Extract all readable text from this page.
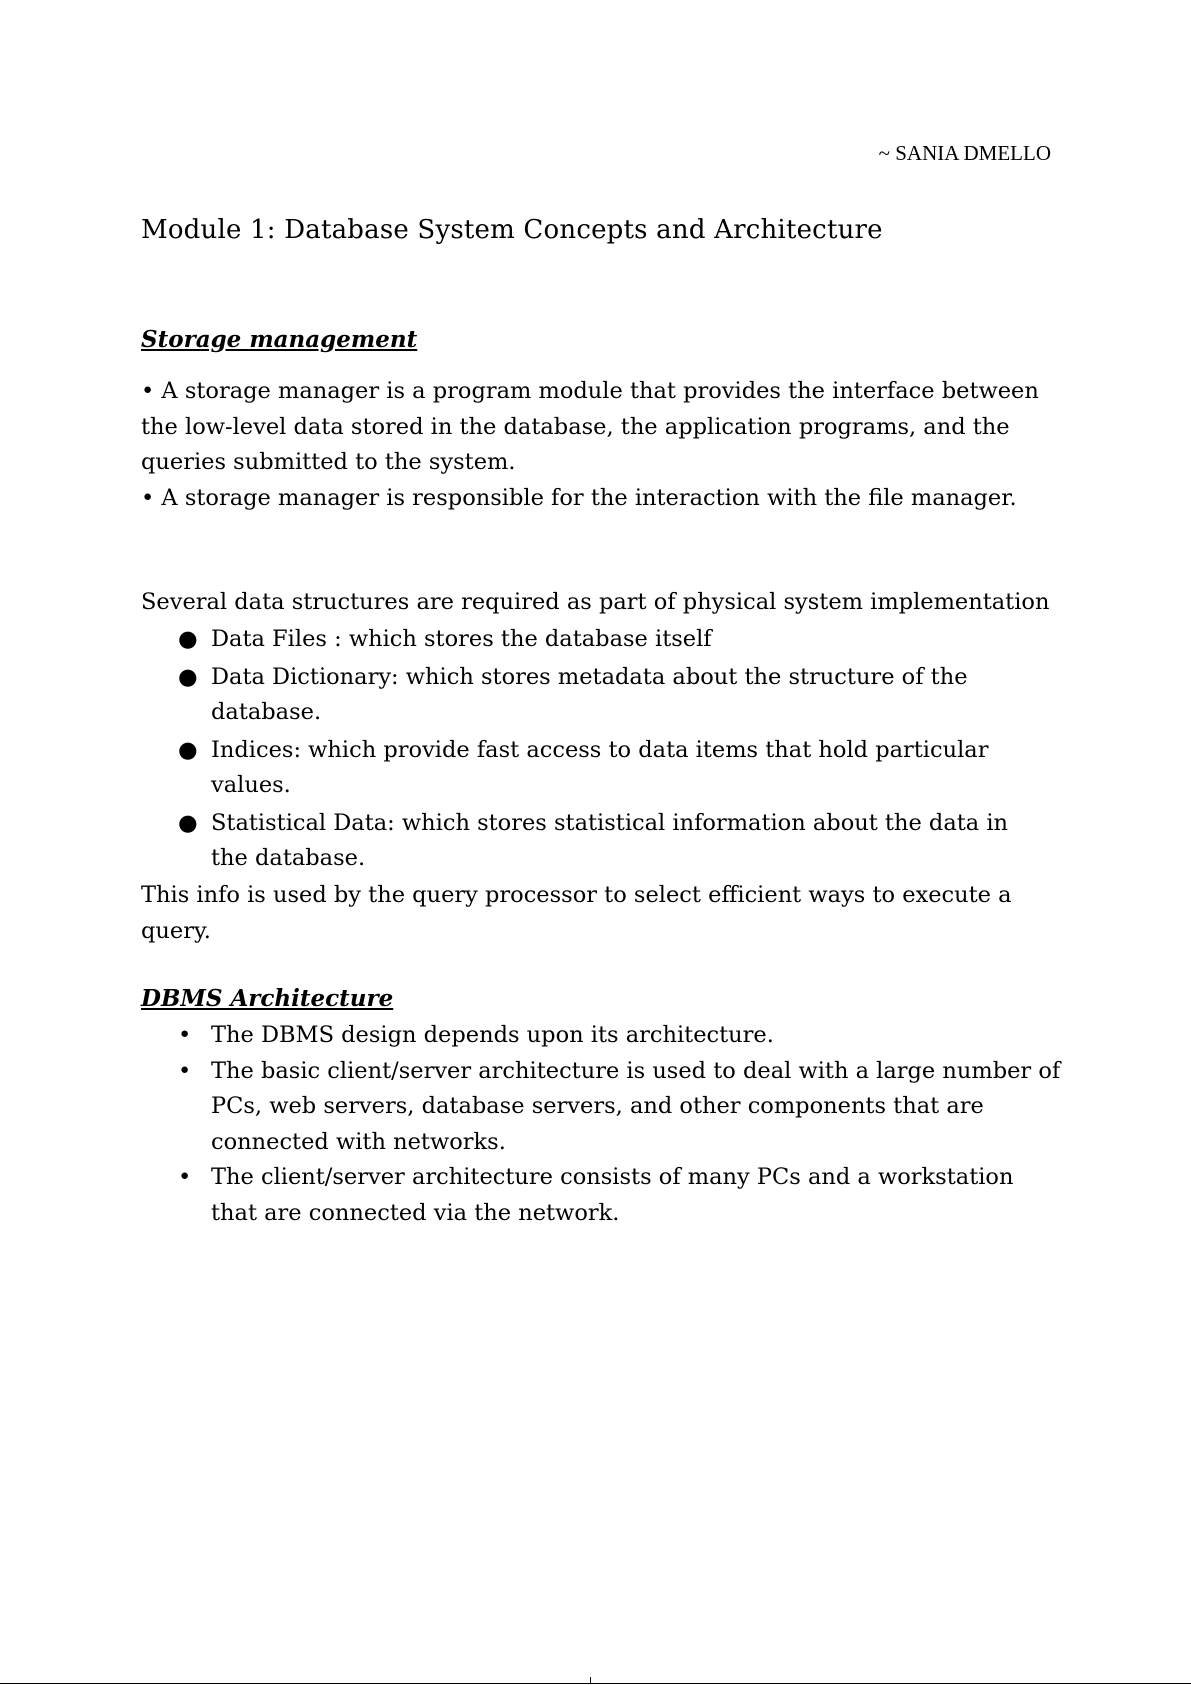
~ SANIA DMELLO
Module 1: Database System Concepts and Architecture
Storage management

• A storage manager is a program module that provides the interface between

the low-level data stored in the database, the application programs, and the

queries submitted to the system.

• A storage manager is responsible for the interaction with the file manager.

Several data structures are required as part of physical system implementation

● Data Files : which stores the database itself
● Data Dictionary: which stores metadata about the structure of the
database.
● Indices: which provide fast access to data items that hold particular
values.
● Statistical Data: which stores statistical information about the data in
the database.

This info is used by the query processor to select efficient ways to execute a

query.

DBMS Architecture
• The DBMS design depends upon its architecture.
• The basic client/server architecture is used to deal with a large number of
PCs, web servers, database servers, and other components that are
connected with networks.
• The client/server architecture consists of many PCs and a workstation
that are connected via the network.
